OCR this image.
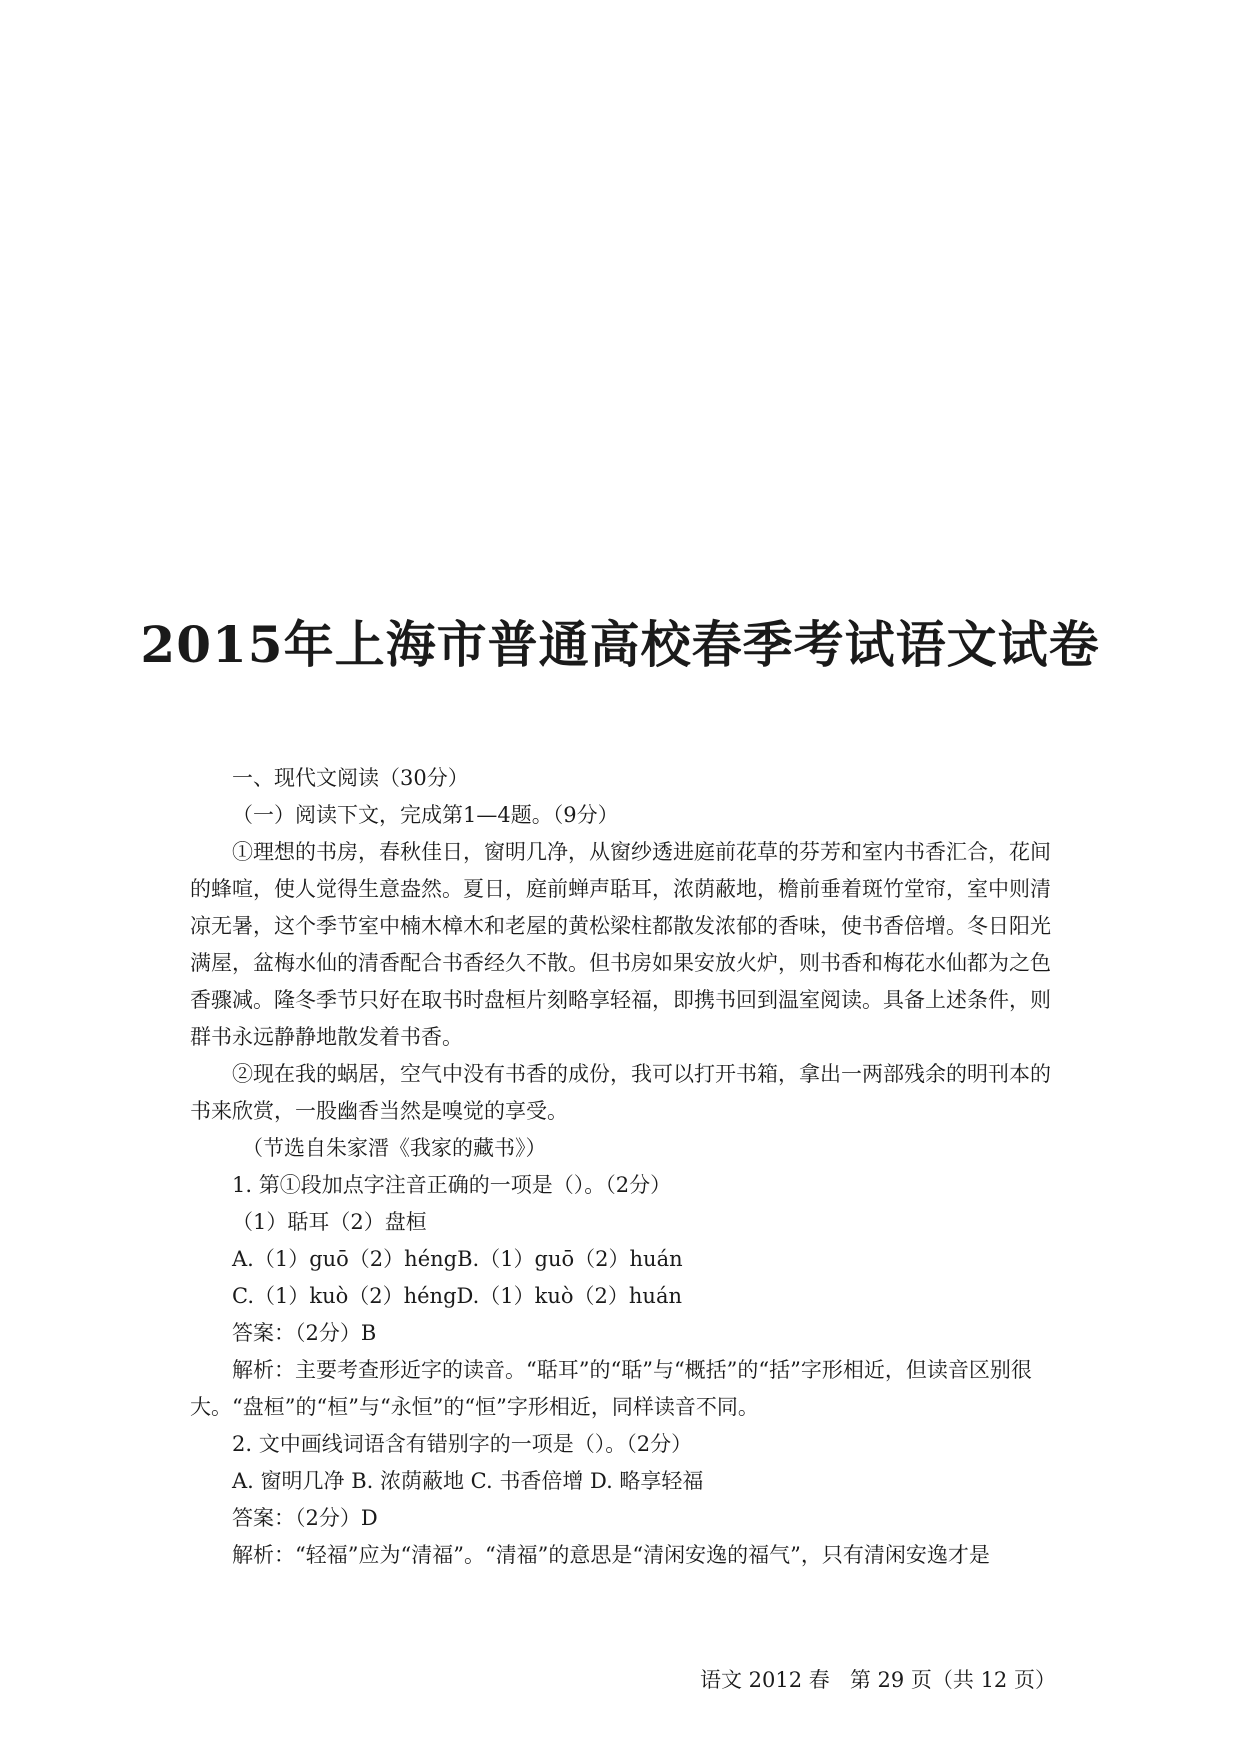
2015年上海市普通高校春季考试语文试卷

一、现代文阅读（30分）

（一）阅读下文，完成第1—4题。（9分）

①理想的书房，春秋佳日，窗明几净，从窗纱透进庭前花草的芬芳和室内书香汇合，花间的蜂喧，使人觉得生意盎然。夏日，庭前蝉声聒耳，浓荫蔽地，檐前垂着斑竹堂帘，室中则清凉无暑，这个季节室中楠木樟木和老屋的黄松梁柱都散发浓郁的香味，使书香倍增。冬日阳光满屋，盆梅水仙的清香配合书香经久不散。但书房如果安放火炉，则书香和梅花水仙都为之色香骤减。隆冬季节只好在取书时盘桓片刻略享轻福，即携书回到温室阅读。具备上述条件，则群书永远静静地散发着书香。

②现在我的蜗居，空气中没有书香的成份，我可以打开书箱，拿出一两部残余的明刊本的书来欣赏，一股幽香当然是嗅觉的享受。

（节选自朱家溍《我家的藏书》）

1. 第①段加点字注音正确的一项是（）。（2分）

（1）聒耳（2）盘桓

A.（1）guō（2）héngB.（1）guō（2）huán

C.（1）kuò（2）héngD.（1）kuò（2）huán

答案：（2分）B

解析：主要考查形近字的读音。“聒耳”的“聒”与“概括”的“括”字形相近，但读音区别很大。“盘桓”的“桓”与“永恒”的“恒”字形相近，同样读音不同。

2. 文中画线词语含有错别字的一项是（）。（2分）

A. 窗明几净 B. 浓荫蔽地 C. 书香倍增 D. 略享轻福

答案：（2分）D

解析：“轻福”应为“清福”。“清福”的意思是“清闲安逸的福气”，只有清闲安逸才是

语文 2012 春 第 29 页（共 12 页）
